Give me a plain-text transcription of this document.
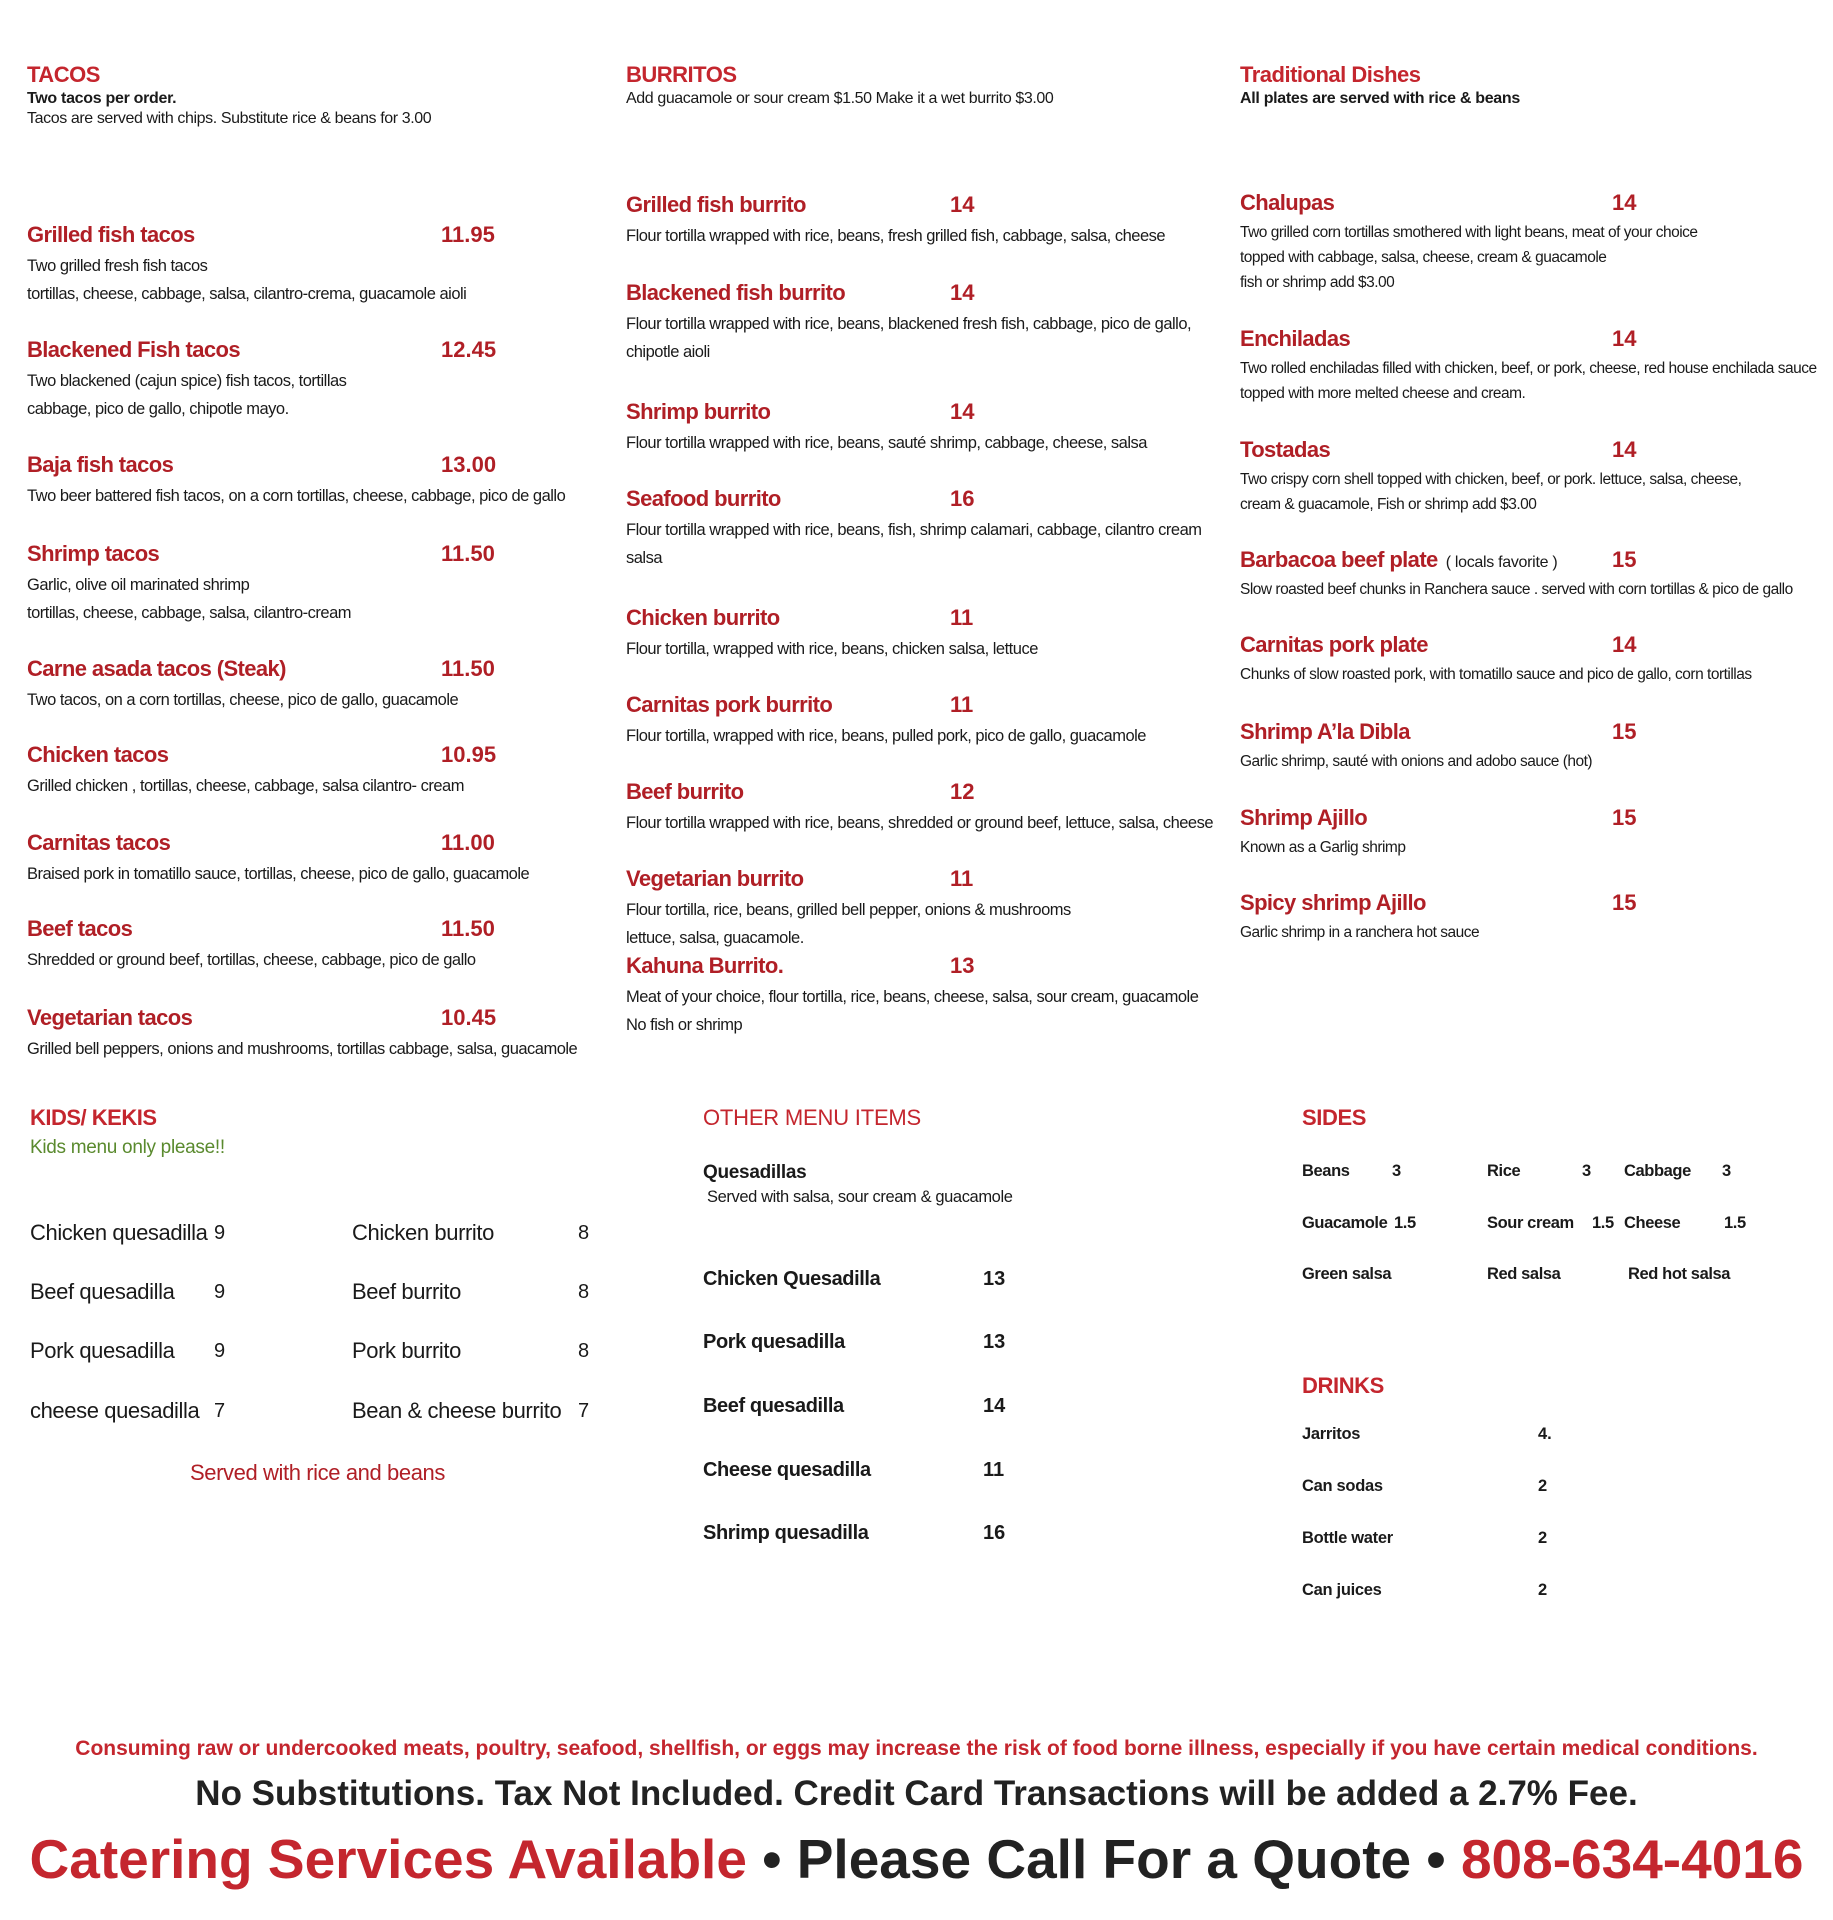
TACOS
Two tacos per order.
Tacos are served with chips. Substitute rice & beans for 3.00
Grilled fish tacos	11.95
Two grilled fresh fish tacos
tortillas, cheese, cabbage, salsa, cilantro-crema, guacamole aioli
Blackened Fish tacos	12.45
Two blackened (cajun spice) fish tacos, tortillas
cabbage, pico de gallo, chipotle mayo.
Baja fish tacos	13.00
Two beer battered fish tacos, on a corn tortillas, cheese, cabbage, pico de gallo
Shrimp tacos	11.50
Garlic, olive oil marinated shrimp
tortillas, cheese, cabbage, salsa, cilantro-cream
Carne asada tacos (Steak)	11.50
Two tacos, on a corn tortillas, cheese, pico de gallo, guacamole
Chicken tacos	10.95
Grilled chicken , tortillas, cheese, cabbage, salsa cilantro- cream
Carnitas tacos	11.00
Braised pork in tomatillo sauce, tortillas, cheese, pico de gallo, guacamole
Beef tacos	11.50
Shredded or ground beef, tortillas, cheese, cabbage, pico de gallo
Vegetarian tacos	10.45
Grilled bell peppers, onions and mushrooms, tortillas cabbage, salsa, guacamole
BURRITOS
Add guacamole or sour cream $1.50 Make it a wet burrito $3.00
Grilled fish burrito	14
Flour tortilla wrapped with rice, beans, fresh grilled fish, cabbage, salsa, cheese
Blackened fish burrito	14
Flour tortilla wrapped with rice, beans, blackened fresh fish, cabbage, pico de gallo,
chipotle aioli
Shrimp burrito	14
Flour tortilla wrapped with rice, beans, sauté shrimp, cabbage, cheese, salsa
Seafood burrito	16
Flour tortilla wrapped with rice, beans, fish, shrimp calamari, cabbage, cilantro cream
salsa
Chicken burrito	11
Flour tortilla, wrapped with rice, beans, chicken salsa, lettuce
Carnitas pork burrito	11
Flour tortilla, wrapped with rice, beans, pulled pork, pico de gallo, guacamole
Beef burrito	12
Flour tortilla wrapped with rice, beans, shredded or ground beef, lettuce, salsa, cheese
Vegetarian burrito	11
Flour tortilla, rice, beans, grilled bell pepper, onions & mushrooms
lettuce, salsa, guacamole.
Kahuna Burrito.	13
Meat of your choice, flour tortilla, rice, beans, cheese, salsa, sour cream, guacamole
No fish or shrimp
Traditional Dishes
All plates are served with rice & beans
Chalupas	14
Two grilled corn tortillas smothered with light beans, meat of your choice
topped with cabbage, salsa, cheese, cream & guacamole
fish or shrimp add $3.00
Enchiladas	14
Two rolled enchiladas filled with chicken, beef, or pork, cheese, red house enchilada sauce
topped with more melted cheese and cream.
Tostadas	14
Two crispy corn shell topped with chicken, beef, or pork. lettuce, salsa, cheese,
cream & guacamole, Fish or shrimp add $3.00
Barbacoa beef plate ( locals favorite ) 15
Slow roasted beef chunks in Ranchera sauce . served with corn tortillas & pico de gallo
Carnitas pork plate	14
Chunks of slow roasted pork, with tomatillo sauce and pico de gallo, corn tortillas
Shrimp A’la Dibla	15
Garlic shrimp, sauté with onions and adobo sauce (hot)
Shrimp Ajillo	15
Known as a Garlig shrimp
Spicy shrimp Ajillo	15
Garlic shrimp in a ranchera hot sauce
KIDS/ KEKIS
Kids menu only please!!
Chicken quesadilla 9
Beef quesadilla 9
Pork quesadilla 9
cheese quesadilla 7
Chicken burrito	8
Beef burrito	8
Pork burrito	8
Bean & cheese burrito 7
Served with rice and beans
OTHER MENU ITEMS
Quesadillas
Served with salsa, sour cream & guacamole
Chicken Quesadilla	13
Pork quesadilla	13
Beef quesadilla	14
Cheese quesadilla	11
Shrimp quesadilla	16
SIDES
Beans	3	Rice	3 Cabbage 3
Guacamole 1.5	Sour cream 1.5 Cheese	1.5
Green salsa	Red salsa	Red hot salsa
DRINKS
Jarritos	4.
Can sodas	2
Bottle water	2
Can juices	2
Consuming raw or undercooked meats, poultry, seafood, shellfish, or eggs may increase the risk of food borne illness, especially if you have certain medical conditions.
No Substitutions. Tax Not Included. Credit Card Transactions will be added a 2.7% Fee.
Catering Services Available • Please Call For a Quote • 808-634-4016
